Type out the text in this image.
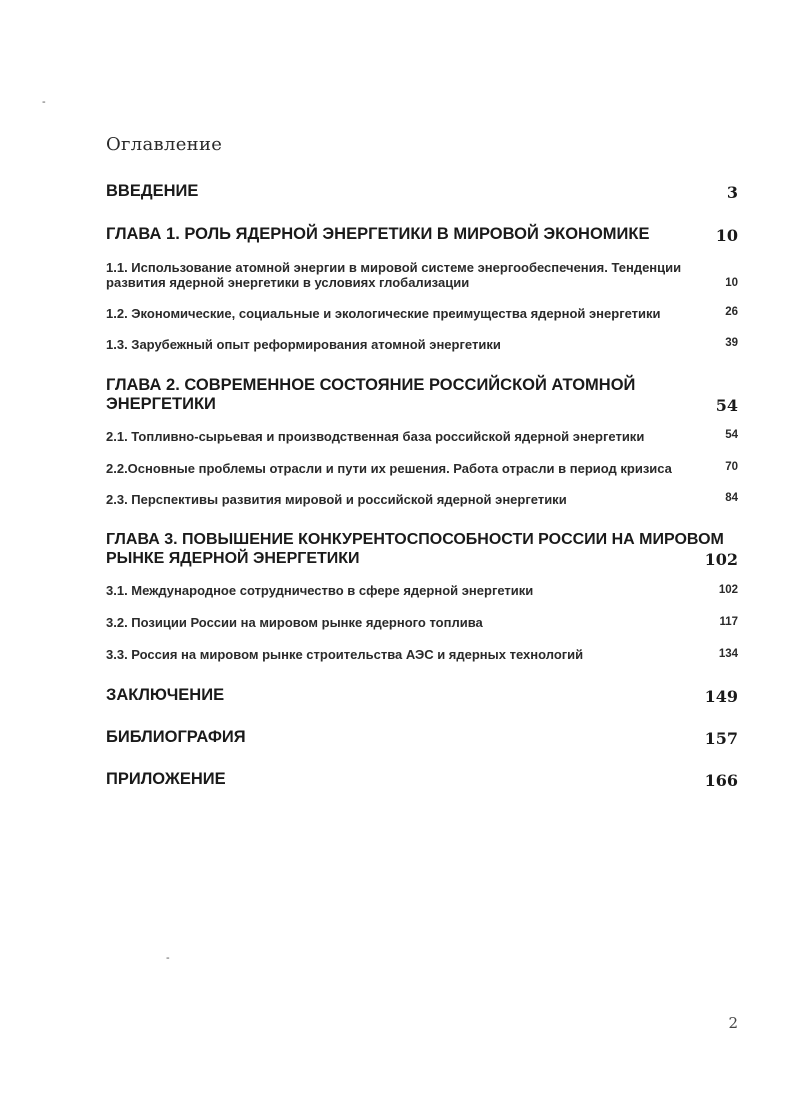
-
-
Оглавление
ВВЕДЕНИЕ	3
ГЛАВА 1. РОЛЬ ЯДЕРНОЙ ЭНЕРГЕТИКИ В МИРОВОЙ ЭКОНОМИКЕ	10
1.1. Использование атомной энергии в мировой системе энергообеспечения. Тенденции
развития ядерной энергетики в условиях глобализации	10
1.2. Экономические, социальные и экологические преимущества ядерной энергетики	26
1.3. Зарубежный опыт реформирования атомной энергетики	39
ГЛАВА 2. СОВРЕМЕННОЕ СОСТОЯНИЕ РОССИЙСКОЙ АТОМНОЙ
ЭНЕРГЕТИКИ	54
2.1. Топливно-сырьевая и производственная база российской ядерной энергетики	54
2.2.Основные проблемы отрасли и пути их решения. Работа отрасли в период кризиса	70
2.3. Перспективы развития мировой и российской ядерной энергетики	84
ГЛАВА 3. ПОВЫШЕНИЕ КОНКУРЕНТОСПОСОБНОСТИ РОССИИ НА МИРОВОМ
РЫНКЕ ЯДЕРНОЙ ЭНЕРГЕТИКИ	102
3.1. Международное сотрудничество в сфере ядерной энергетики	102
3.2. Позиции России на мировом рынке ядерного топлива	117
3.3. Россия на мировом рынке строительства АЭС и ядерных технологий	134
ЗАКЛЮЧЕНИЕ	149
БИБЛИОГРАФИЯ	157
ПРИЛОЖЕНИЕ	166
2
